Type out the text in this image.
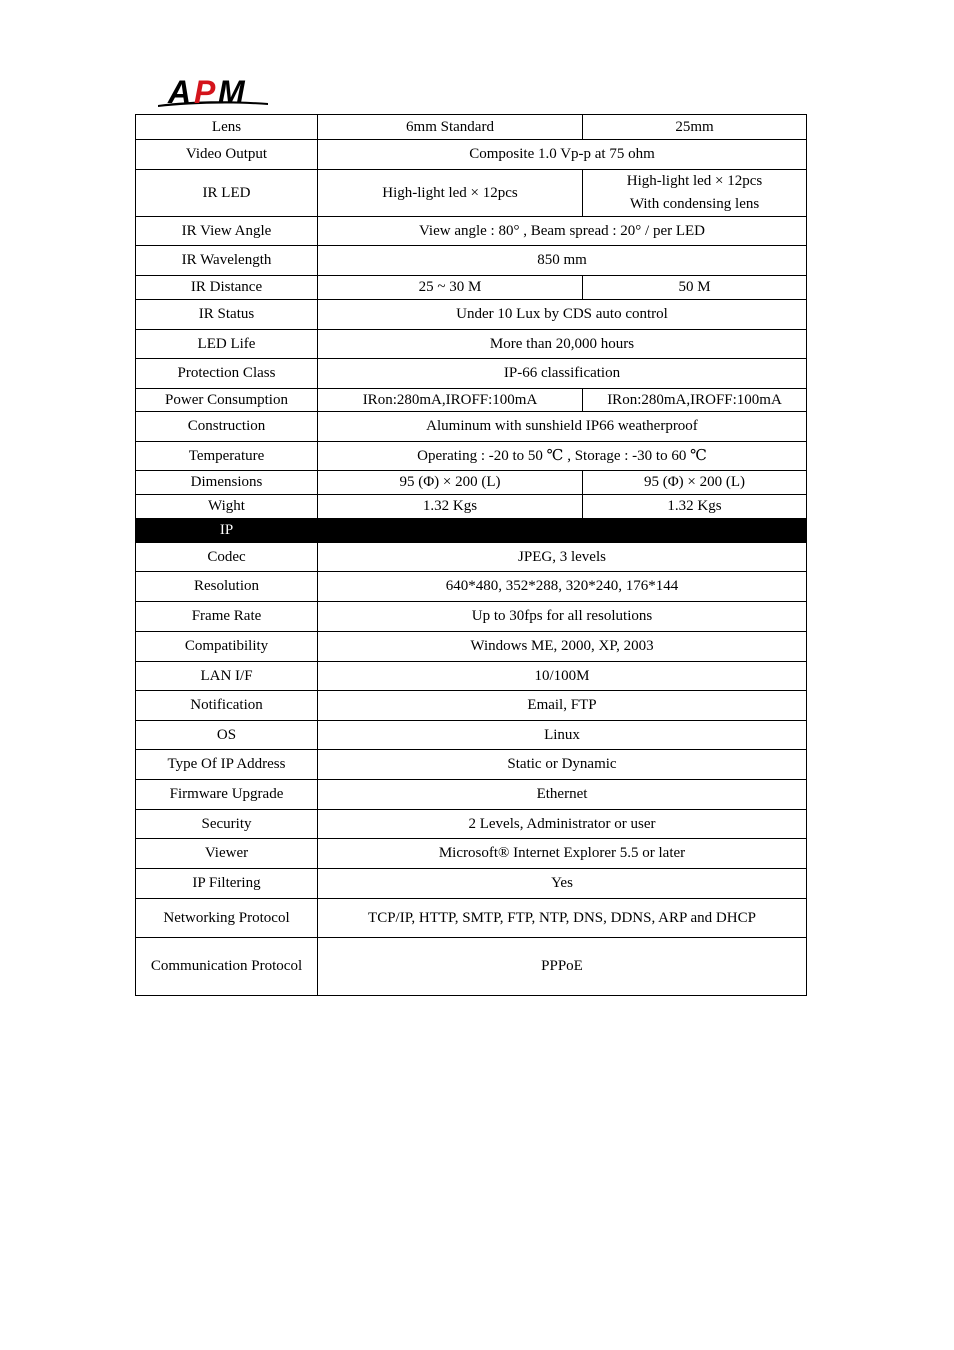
A P M
Lens	6mm Standard	25mm
Video Output	Composite 1.0 Vp-p at 75 ohm	
IR LED	High-light led × 12pcs	High-light led × 12pcs
With condensing lens
IR View Angle	View angle : 80° , Beam spread : 20° / per LED	
IR Wavelength	850 mm	
IR Distance	25 ~ 30 M	50 M
IR Status	Under 10 Lux by CDS auto control	
LED Life	More than 20,000 hours	
Protection Class	IP-66 classification	
Power Consumption	IRon:280mA,IROFF:100mA	IRon:280mA,IROFF:100mA
Construction	Aluminum with sunshield IP66 weatherproof	
Temperature	Operating : -20 to 50 ℃ , Storage : -30 to 60 ℃	
Dimensions	95 (Φ) × 200 (L)	95 (Φ) × 200 (L)
Wight	1.32 Kgs	1.32 Kgs
IP		
Codec	JPEG, 3 levels	
Resolution	640*480, 352*288, 320*240, 176*144	
Frame Rate	Up to 30fps for all resolutions	
Compatibility	Windows ME, 2000, XP, 2003	
LAN I/F	10/100M	
Notification	Email, FTP	
OS	Linux	
Type Of IP Address	Static or Dynamic	
Firmware Upgrade	Ethernet	
Security	2 Levels, Administrator or user	
Viewer	Microsoft® Internet Explorer 5.5 or later	
IP Filtering	Yes	
Networking Protocol	TCP/IP, HTTP, SMTP, FTP, NTP, DNS, DDNS, ARP and DHCP	
Communication Protocol	PPPoE	
